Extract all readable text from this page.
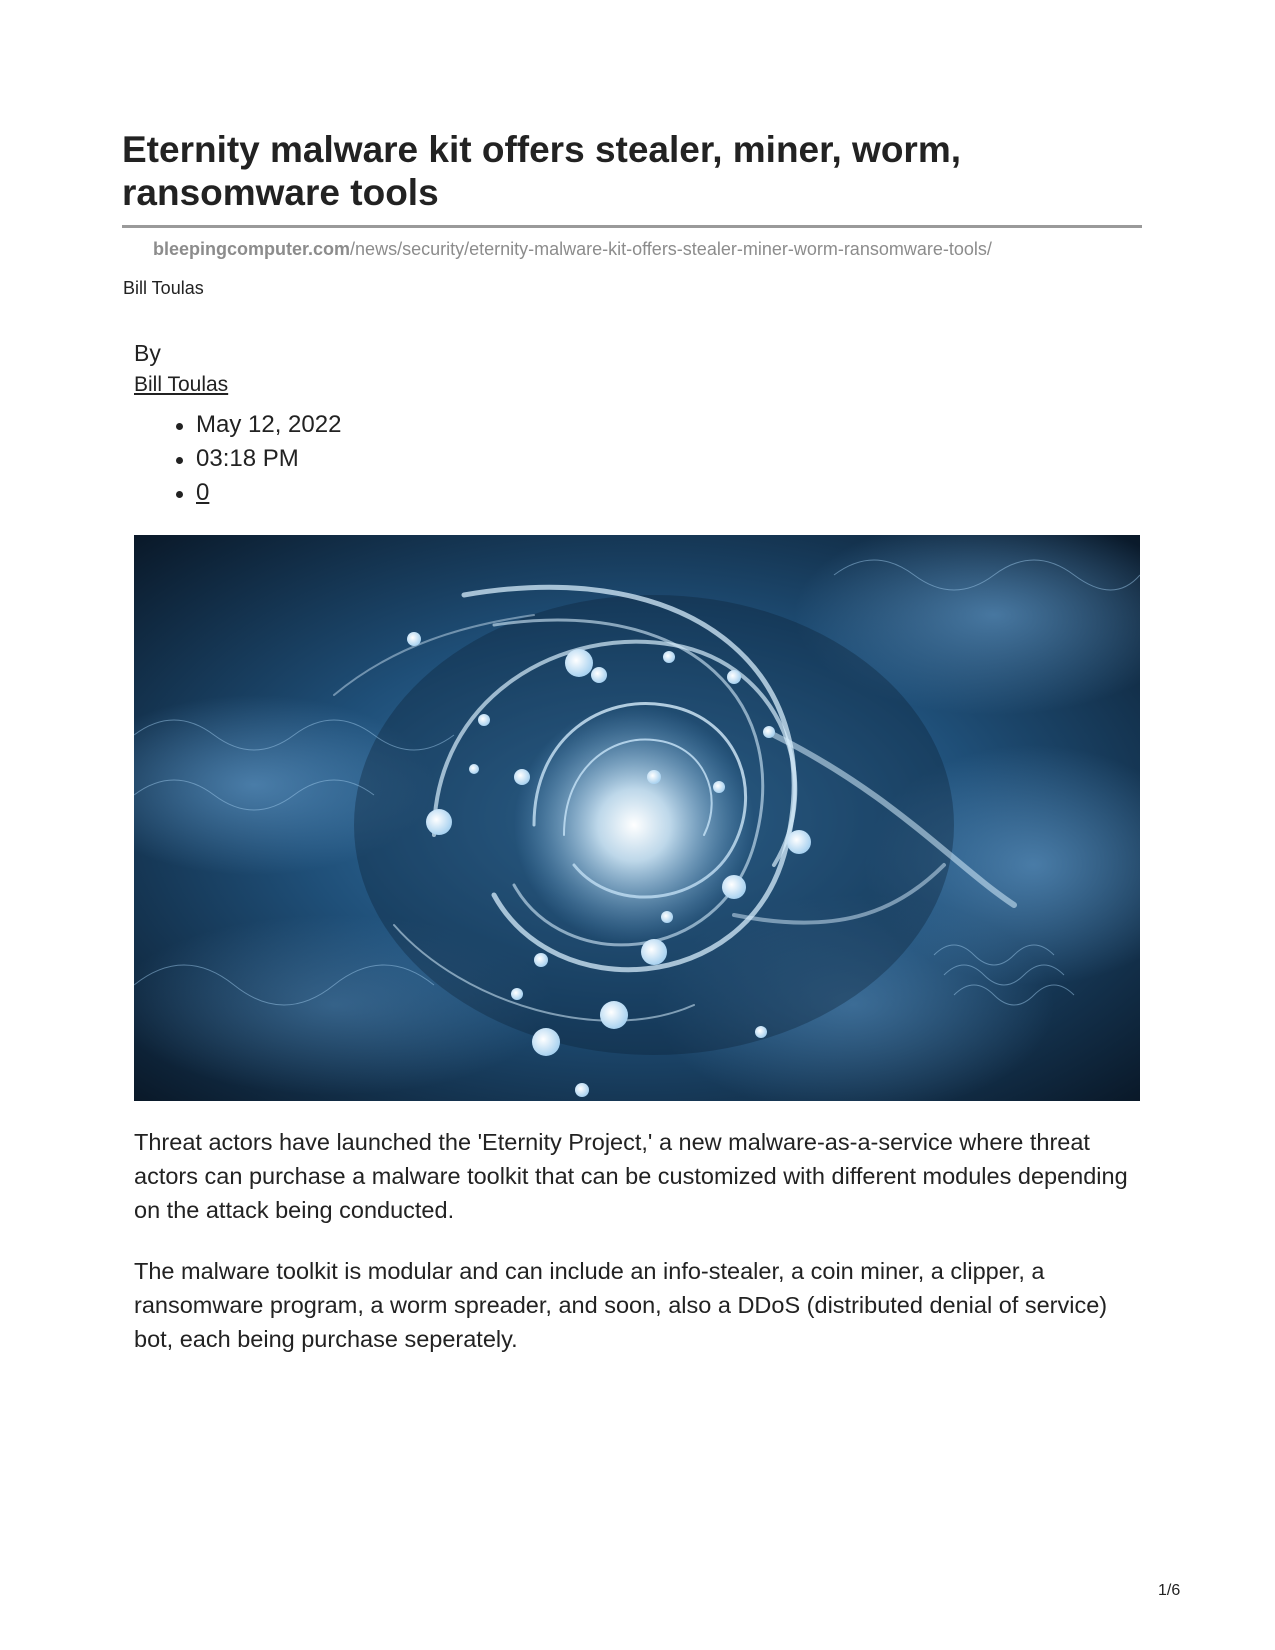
Eternity malware kit offers stealer, miner, worm, ransomware tools
bleepingcomputer.com/news/security/eternity-malware-kit-offers-stealer-miner-worm-ransomware-tools/
Bill Toulas
By
Bill Toulas
May 12, 2022
03:18 PM
0

Threat actors have launched the 'Eternity Project,' a new malware-as-a-service where threat actors can purchase a malware toolkit that can be customized with different modules depending on the attack being conducted.

The malware toolkit is modular and can include an info-stealer, a coin miner, a clipper, a ransomware program, a worm spreader, and soon, also a DDoS (distributed denial of service) bot, each being purchase seperately.

1/6
